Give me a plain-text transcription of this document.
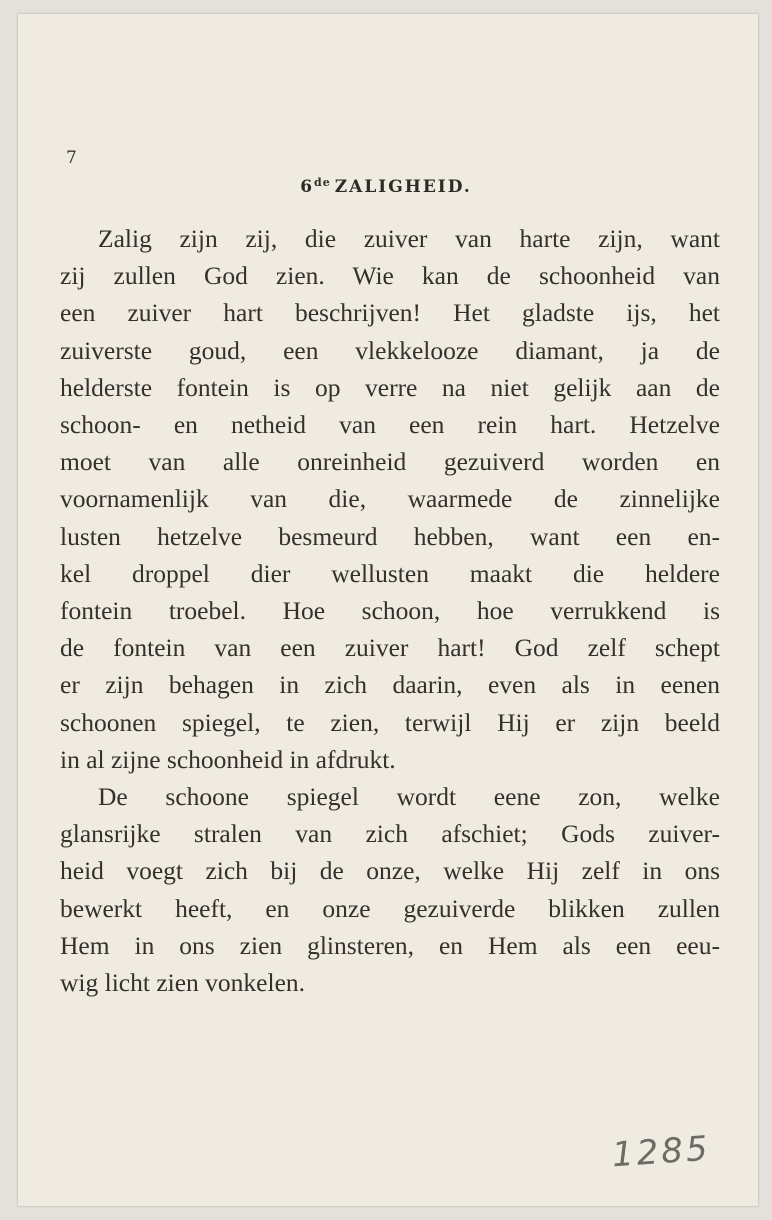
7
6de ZALIGHEID.
Zalig zijn zij, die zuiver van harte zijn, want
zij zullen God zien. Wie kan de schoonheid van
een zuiver hart beschrijven! Het gladste ijs, het
zuiverste goud, een vlekkelooze diamant, ja de
helderste fontein is op verre na niet gelijk aan de
schoon- en netheid van een rein hart. Hetzelve
moet van alle onreinheid gezuiverd worden en
voornamenlijk van die, waarmede de zinnelijke
lusten hetzelve besmeurd hebben, want een en-
kel droppel dier wellusten maakt die heldere
fontein troebel. Hoe schoon, hoe verrukkend is
de fontein van een zuiver hart! God zelf schept
er zijn behagen in zich daarin, even als in eenen
schoonen spiegel, te zien, terwijl Hij er zijn beeld
in al zijne schoonheid in afdrukt.
De schoone spiegel wordt eene zon, welke
glansrijke stralen van zich afschiet; Gods zuiver-
heid voegt zich bij de onze, welke Hij zelf in ons
bewerkt heeft, en onze gezuiverde blikken zullen
Hem in ons zien glinsteren, en Hem als een eeu-
wig licht zien vonkelen.
1285
